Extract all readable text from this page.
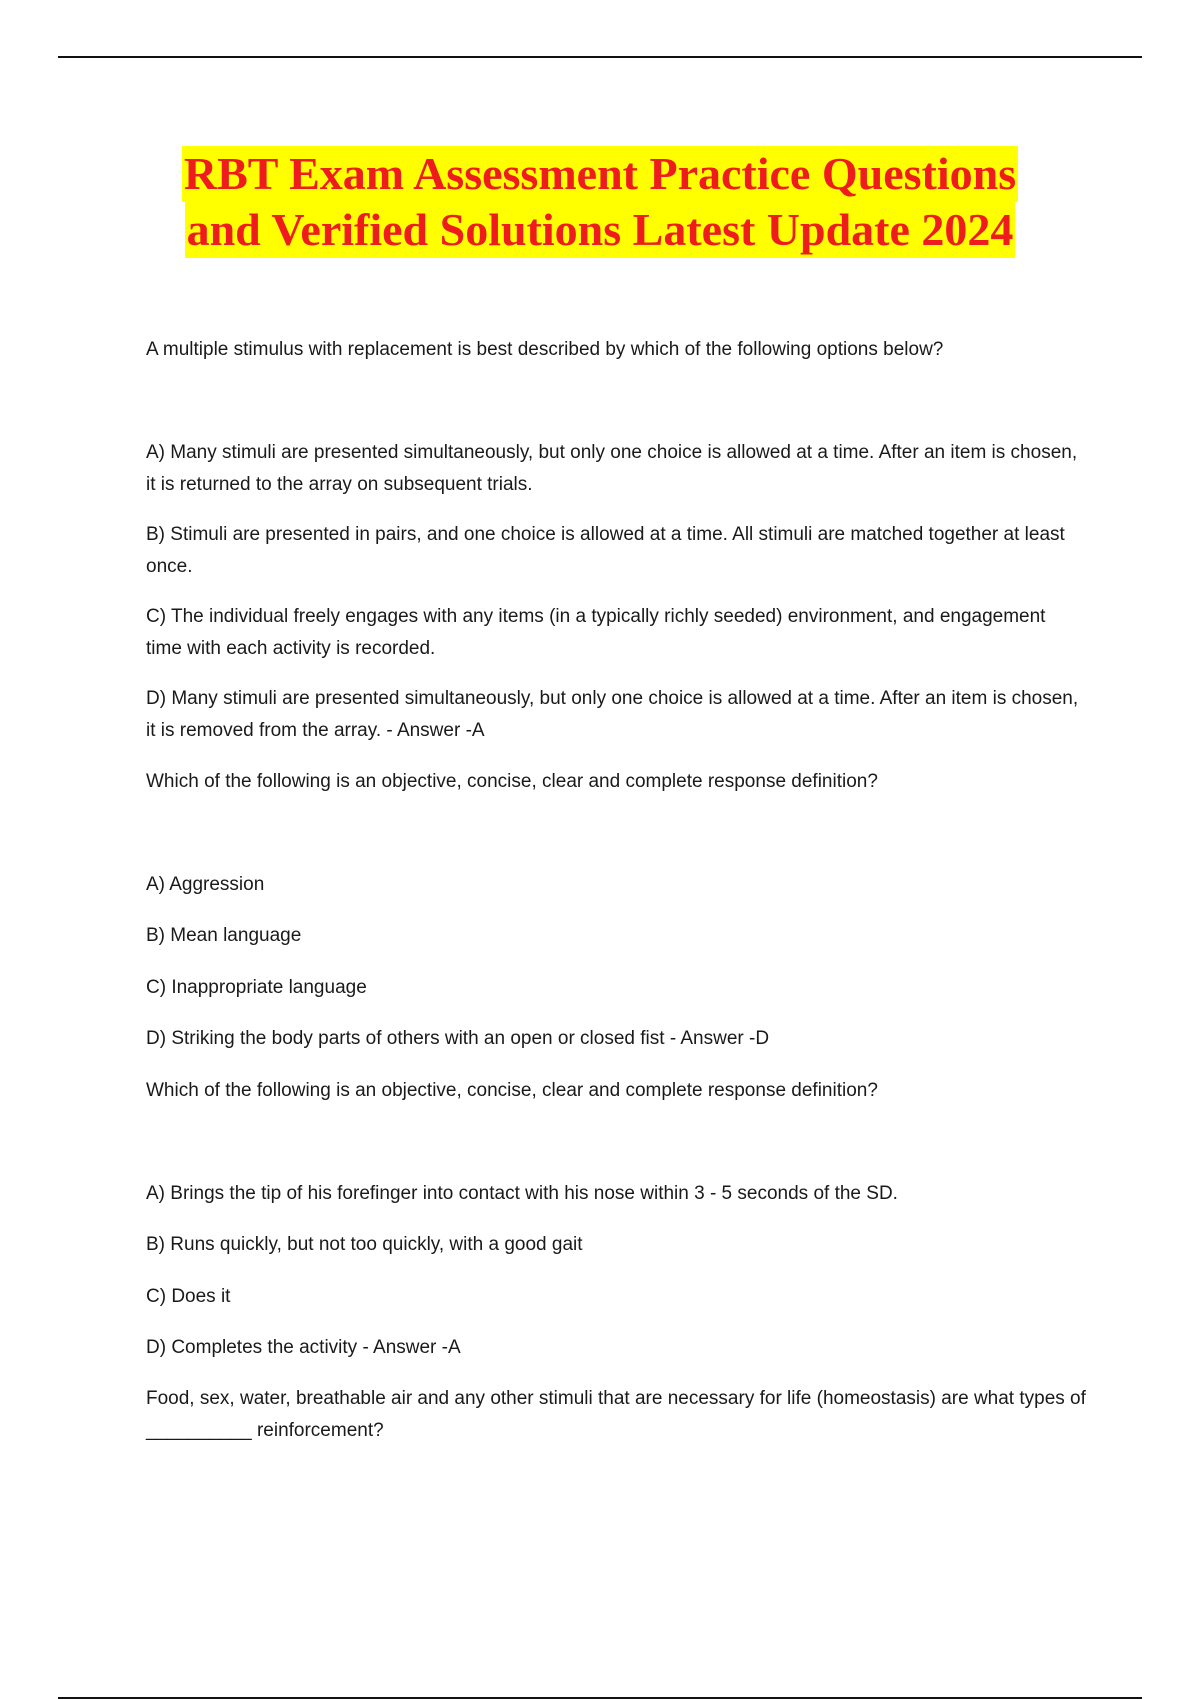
RBT Exam Assessment Practice Questions
and Verified Solutions Latest Update 2024
A multiple stimulus with replacement is best described by which of the following options below?
A) Many stimuli are presented simultaneously, but only one choice is allowed at a time. After an item is chosen, it is returned to the array on subsequent trials.
B) Stimuli are presented in pairs, and one choice is allowed at a time. All stimuli are matched together at least once.
C) The individual freely engages with any items (in a typically richly seeded) environment, and engagement time with each activity is recorded.
D) Many stimuli are presented simultaneously, but only one choice is allowed at a time. After an item is chosen, it is removed from the array. - Answer -A
Which of the following is an objective, concise, clear and complete response definition?
A) Aggression
B) Mean language
C) Inappropriate language
D) Striking the body parts of others with an open or closed fist - Answer -D
Which of the following is an objective, concise, clear and complete response definition?
A) Brings the tip of his forefinger into contact with his nose within 3 - 5 seconds of the SD.
B) Runs quickly, but not too quickly, with a good gait
C) Does it
D) Completes the activity - Answer -A
Food, sex, water, breathable air and any other stimuli that are necessary for life (homeostasis) are what types of __________ reinforcement?
